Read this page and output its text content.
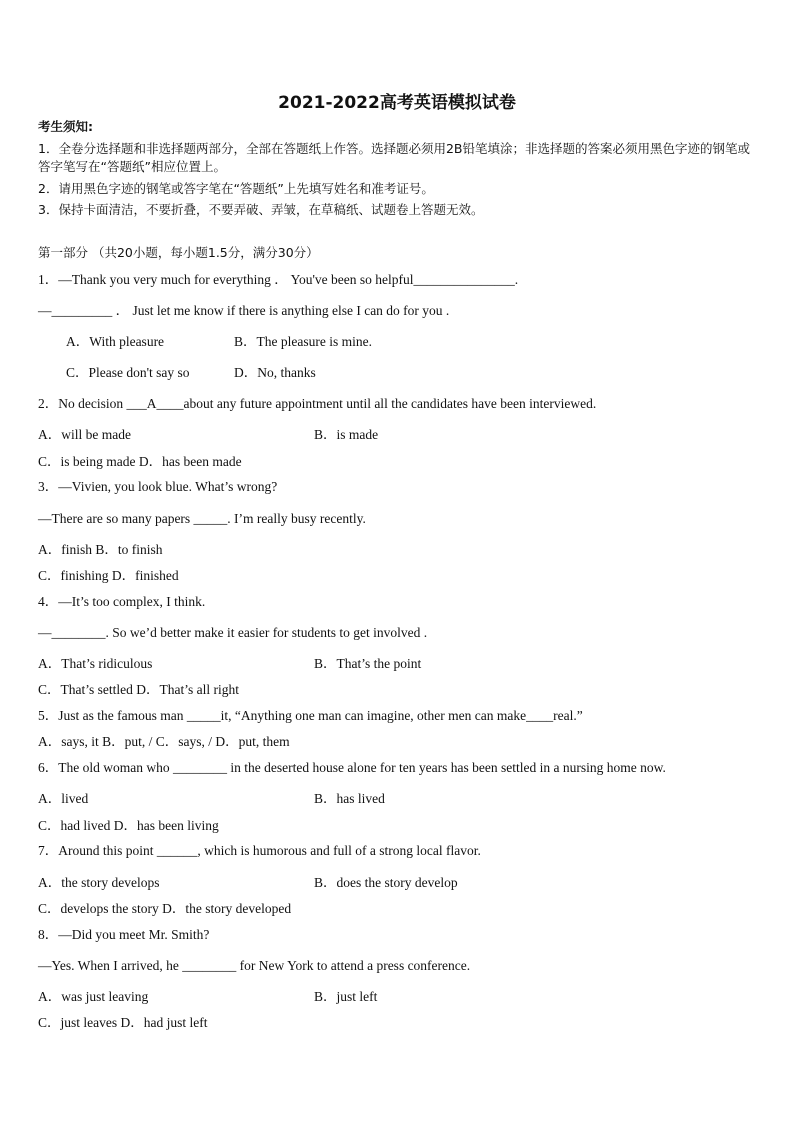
2021-2022高考英语模拟试卷
考生须知:
1．全卷分选择题和非选择题两部分，全部在答题纸上作答。选择题必须用2B铅笔填涂；非选择题的答案必须用黑色字迹的钢笔或答字笔写在“答题纸”相应位置上。
2．请用黑色字迹的钢笔或答字笔在“答题纸”上先填写姓名和准考证号。
3．保持卡面清洁，不要折叠，不要弄破、弄皱，在草稿纸、试题卷上答题无效。
第一部分 （共20小题，每小题1.5分，满分30分）
1．—Thank you very much for everything ． You've been so helpful_______________.
—_________ ． Just let me know if there is anything else I can do for you .
A．With pleasure	B．The pleasure is mine.
C．Please don't say so	D．No, thanks
2．No decision ___A____about any future appointment until all the candidates have been interviewed.
A．will be made	B．is made
C．is being made D．has been made
3．—Vivien, you look blue. What’s wrong?
—There are so many papers _____. I’m really busy recently.
A．finish B．to finish
C．finishing D．finished
4．—It’s too complex, I think.
—________. So we’d better make it easier for students to get involved .
A．That’s ridiculous	B．That’s the point
C．That’s settled D．That’s all right
5．Just as the famous man _____it, “Anything one man can imagine, other men can make____real.”
A．says, it B．put, / C．says, / D．put, them
6．The old woman who ________ in the deserted house alone for ten years has been settled in a nursing home now.
A．lived	B．has lived
C．had lived D．has been living
7．Around this point ______, which is humorous and full of a strong local flavor.
A．the story develops	B．does the story develop
C．develops the story D．the story developed
8．—Did you meet Mr. Smith?
—Yes. When I arrived, he ________ for New York to attend a press conference.
A．was just leaving	B．just left
C．just leaves D．had just left
